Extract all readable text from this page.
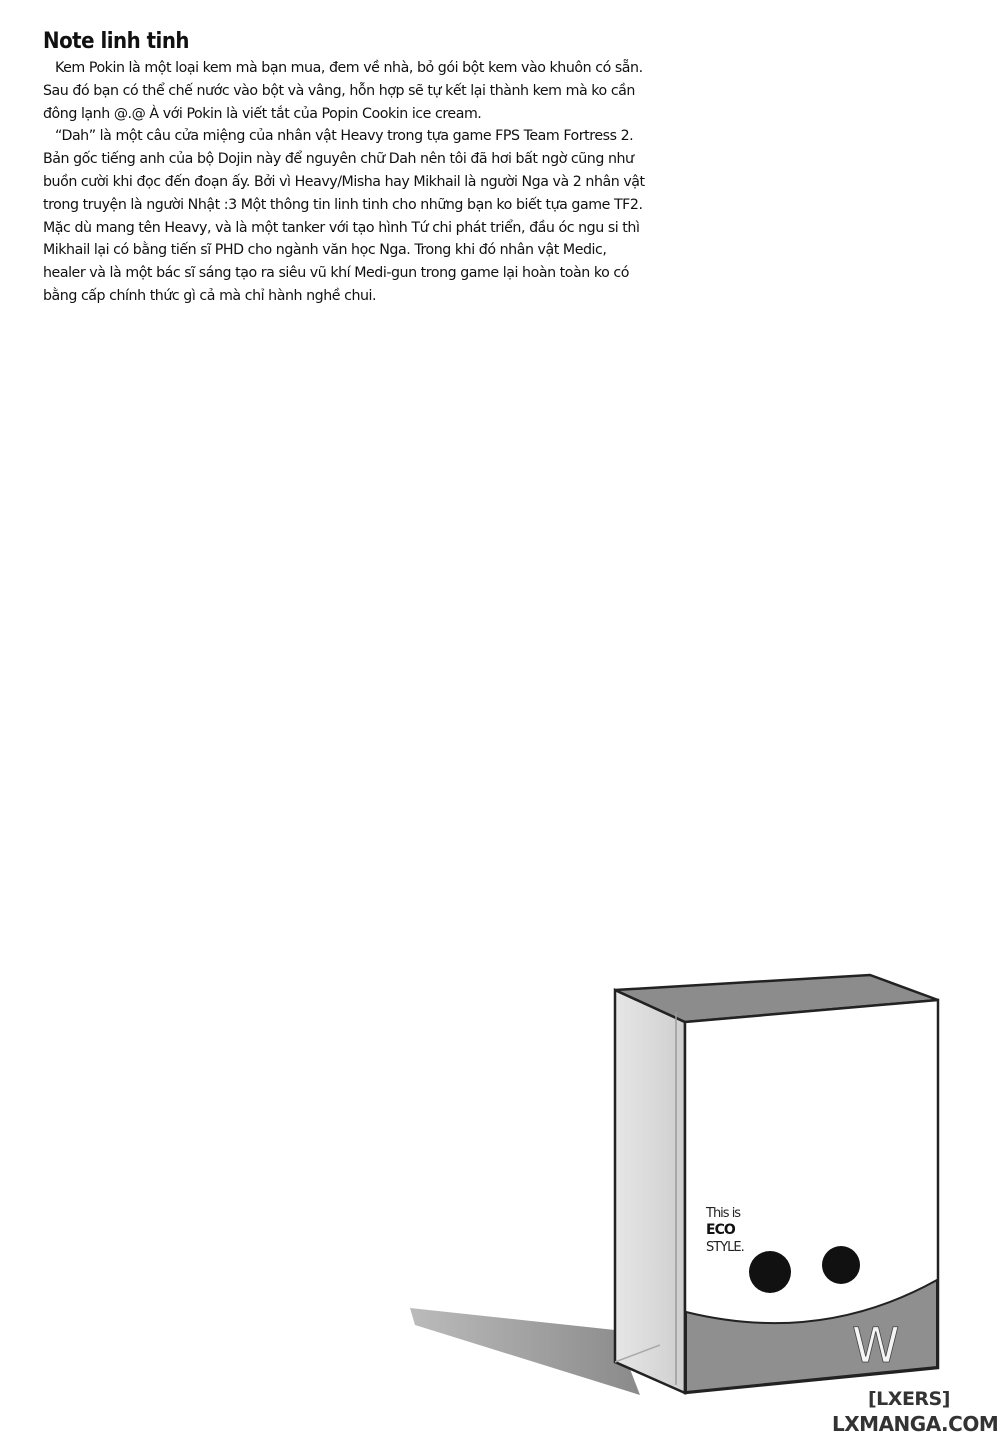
Note linh tinh
Kem Pokin là một loại kem mà bạn mua, đem về nhà, bỏ gói bột kem vào khuôn có sẵn.
Sau đó bạn có thể chế nước vào bột và vâng, hỗn hợp sẽ tự kết lại thành kem mà ko cần
đông lạnh @.@ À với Pokin là viết tắt của Popin Cookin ice cream.
“Dah” là một câu cửa miệng của nhân vật Heavy trong tựa game FPS Team Fortress 2.
Bản gốc tiếng anh của bộ Dojin này để nguyên chữ Dah nên tôi đã hơi bất ngờ cũng như
buồn cười khi đọc đến đoạn ấy. Bởi vì Heavy/Misha hay Mikhail là người Nga và 2 nhân vật
trong truyện là người Nhật :3 Một thông tin linh tinh cho những bạn ko biết tựa game TF2.
Mặc dù mang tên Heavy, và là một tanker với tạo hình Tứ chi phát triển, đầu óc ngu si thì
Mikhail lại có bằng tiến sĩ PHD cho ngành văn học Nga. Trong khi đó nhân vật Medic,
healer và là một bác sĩ sáng tạo ra siêu vũ khí Medi-gun trong game lại hoàn toàn ko có
bằng cấp chính thức gì cả mà chỉ hành nghề chui.
This is
ECO
STYLE.
W
[LXERS]
LXMANGA.COM
